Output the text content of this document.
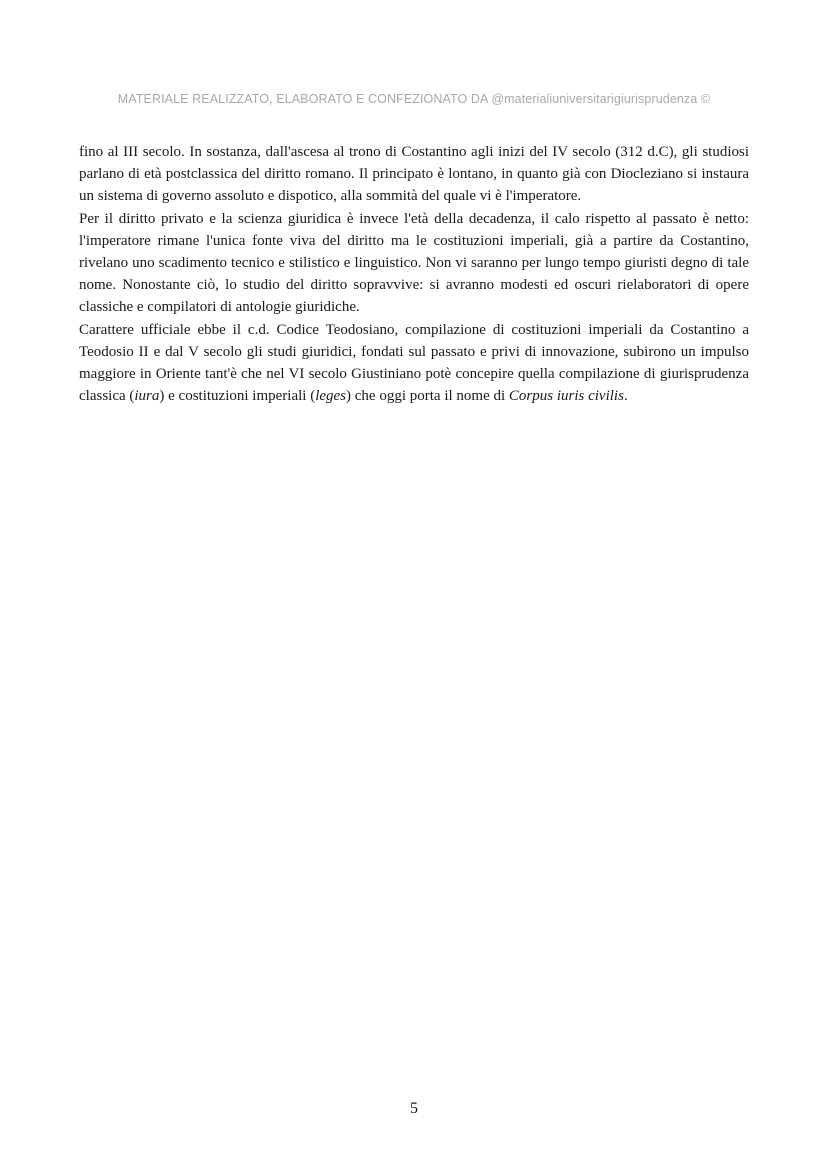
MATERIALE REALIZZATO, ELABORATO E CONFEZIONATO DA @materialiuniversitarigiurisprudenza ©

fino al III secolo. In sostanza, dall'ascesa al trono di Costantino agli inizi del IV secolo (312 d.C), gli studiosi parlano di età postclassica del diritto romano. Il principato è lontano, in quanto già con Diocleziano si instaura un sistema di governo assoluto e dispotico, alla sommità del quale vi è l'imperatore.

Per il diritto privato e la scienza giuridica è invece l'età della decadenza, il calo rispetto al passato è netto: l'imperatore rimane l'unica fonte viva del diritto ma le costituzioni imperiali, già a partire da Costantino, rivelano uno scadimento tecnico e stilistico e linguistico. Non vi saranno per lungo tempo giuristi degno di tale nome. Nonostante ciò, lo studio del diritto sopravvive: si avranno modesti ed oscuri rielaboratori di opere classiche e compilatori di antologie giuridiche.

Carattere ufficiale ebbe il c.d. Codice Teodosiano, compilazione di costituzioni imperiali da Costantino a Teodosio II e dal V secolo gli studi giuridici, fondati sul passato e privi di innovazione, subirono un impulso maggiore in Oriente tant'è che nel VI secolo Giustiniano potè concepire quella compilazione di giurisprudenza classica (iura) e costituzioni imperiali (leges) che oggi porta il nome di Corpus iuris civilis.

5
